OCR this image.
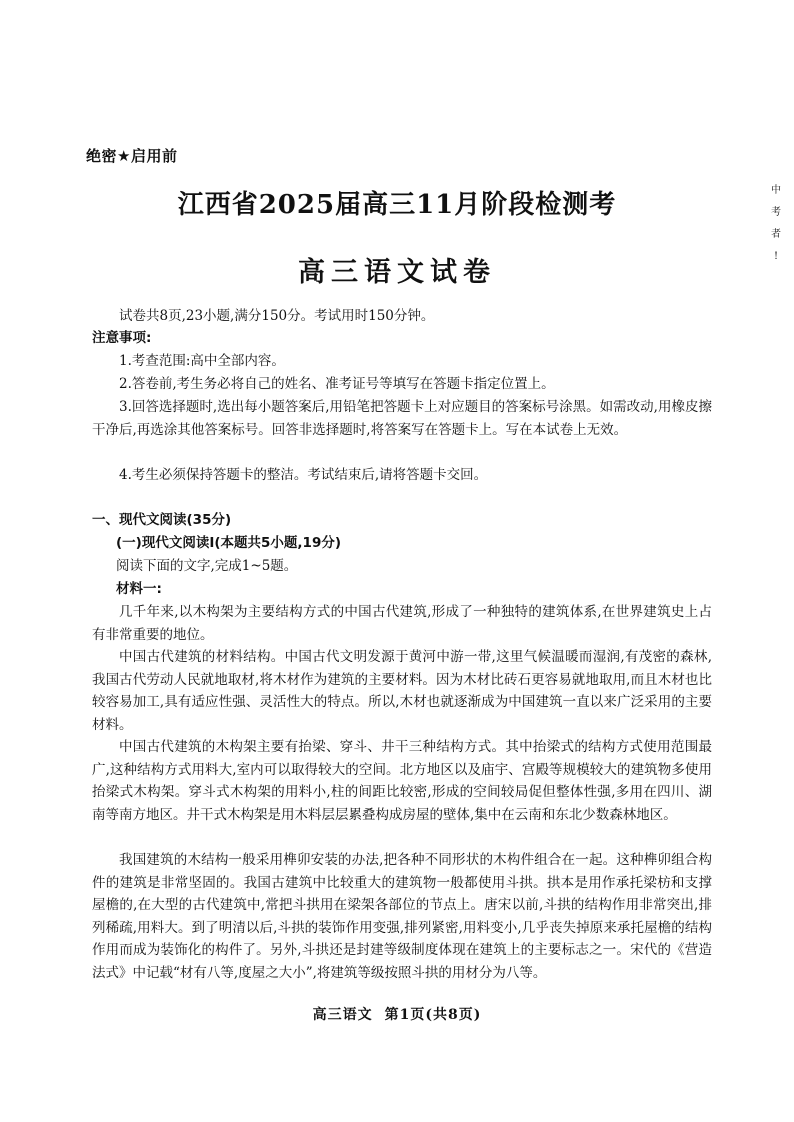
绝密★启用前
江西省2025届高三11月阶段检测考
高三语文试卷
中
考
者
!
试卷共8页,23小题,满分150分。考试用时150分钟。
注意事项:
1.考查范围:高中全部内容。
2.答卷前,考生务必将自己的姓名、准考证号等填写在答题卡指定位置上。
3.回答选择题时,选出每小题答案后,用铅笔把答题卡上对应题目的答案标号涂黑。如需改动,用橡皮擦干净后,再选涂其他答案标号。回答非选择题时,将答案写在答题卡上。写在本试卷上无效。
4.考生必须保持答题卡的整洁。考试结束后,请将答题卡交回。
一、现代文阅读(35分)
(一)现代文阅读Ⅰ(本题共5小题,19分)
阅读下面的文字,完成1~5题。
材料一:
几千年来,以木构架为主要结构方式的中国古代建筑,形成了一种独特的建筑体系,在世界建筑史上占有非常重要的地位。
中国古代建筑的材料结构。中国古代文明发源于黄河中游一带,这里气候温暖而湿润,有茂密的森林,我国古代劳动人民就地取材,将木材作为建筑的主要材料。因为木材比砖石更容易就地取用,而且木材也比较容易加工,具有适应性强、灵活性大的特点。所以,木材也就逐渐成为中国建筑一直以来广泛采用的主要材料。
中国古代建筑的木构架主要有抬梁、穿斗、井干三种结构方式。其中抬梁式的结构方式使用范围最广,这种结构方式用料大,室内可以取得较大的空间。北方地区以及庙宇、宫殿等规模较大的建筑物多使用抬梁式木构架。穿斗式木构架的用料小,柱的间距比较密,形成的空间较局促但整体性强,多用在四川、湖南等南方地区。井干式木构架是用木料层层累叠构成房屋的壁体,集中在云南和东北少数森林地区。
我国建筑的木结构一般采用榫卯安装的办法,把各种不同形状的木构件组合在一起。这种榫卯组合构件的建筑是非常坚固的。我国古建筑中比较重大的建筑物一般都使用斗拱。拱本是用作承托梁枋和支撑屋檐的,在大型的古代建筑中,常把斗拱用在梁架各部位的节点上。唐宋以前,斗拱的结构作用非常突出,排列稀疏,用料大。到了明清以后,斗拱的装饰作用变强,排列紧密,用料变小,几乎丧失掉原来承托屋檐的结构作用而成为装饰化的构件了。另外,斗拱还是封建等级制度体现在建筑上的主要标志之一。宋代的《营造法式》中记载“材有八等,度屋之大小”,将建筑等级按照斗拱的用材分为八等。
高三语文 第1页(共8页)
